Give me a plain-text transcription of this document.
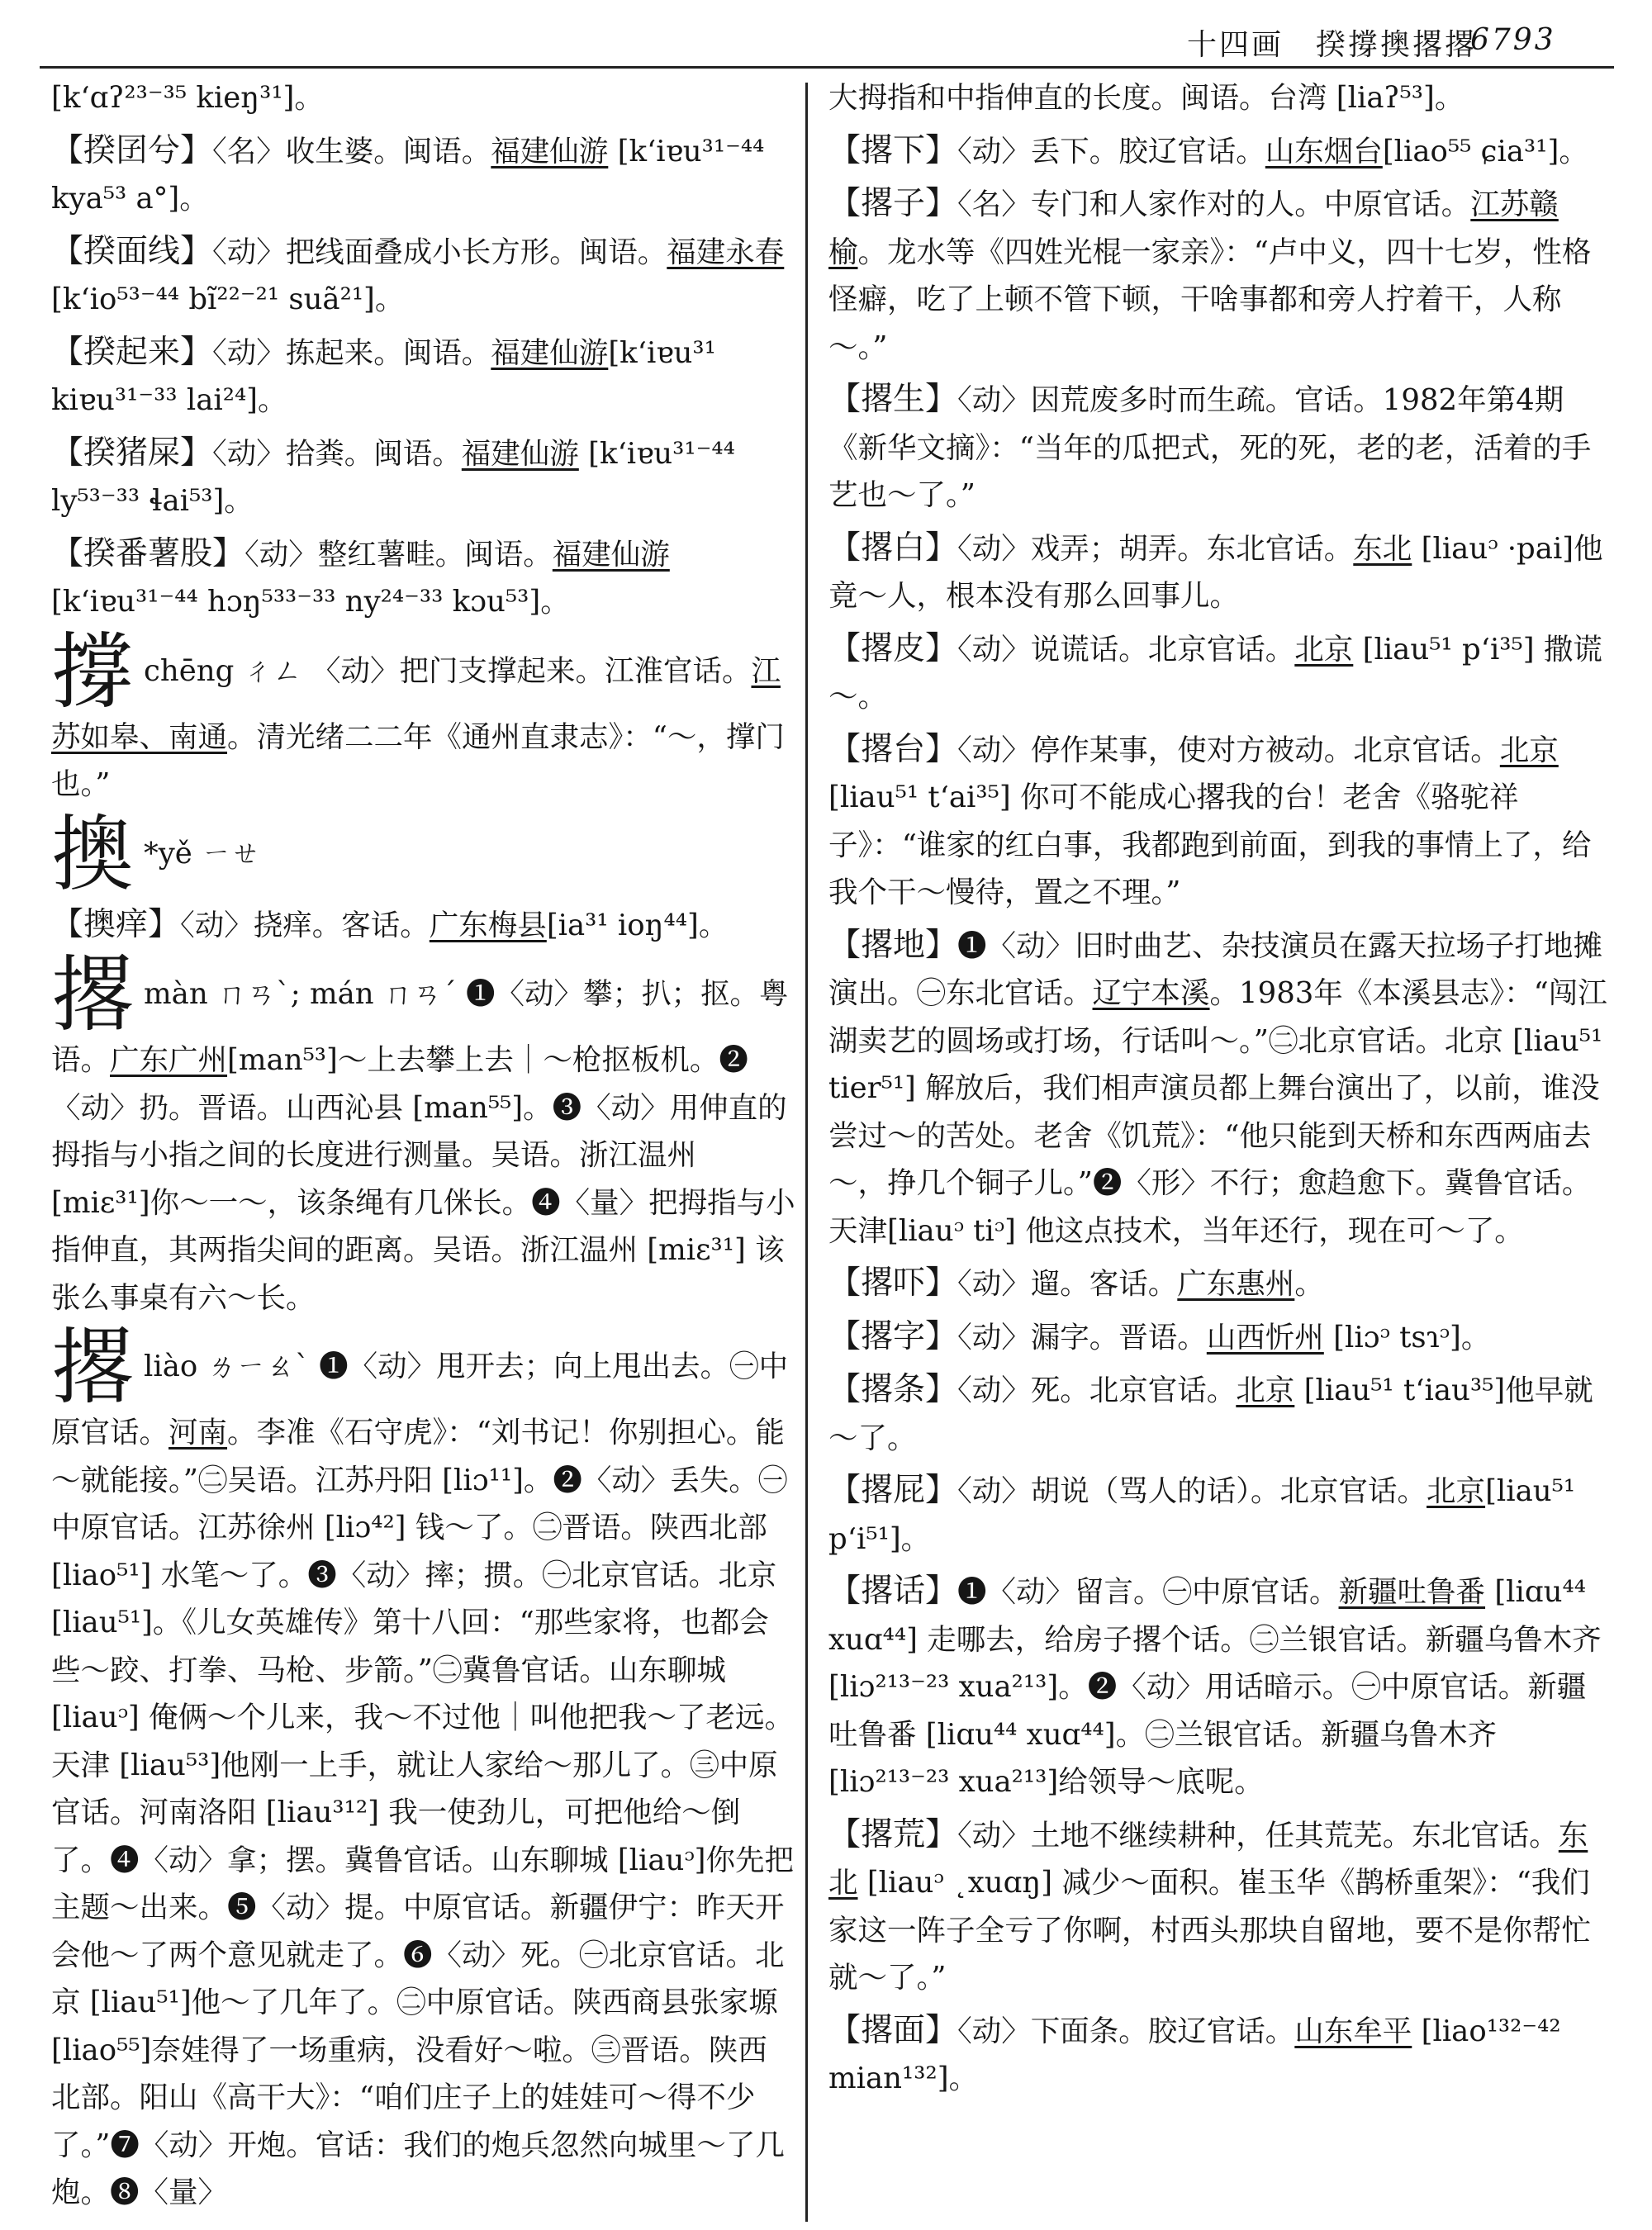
十四画　揆撐擙撂撂
6793

[kʻɑʔ²³⁻³⁵ kieŋ³¹]。

【揆囝兮】〈名〉收生婆。闽语。福建仙游 [kʻiɐu³¹⁻⁴⁴ kya⁵³ a°]。

【揆面线】〈动〉把线面叠成小长方形。闽语。福建永春 [kʻio⁵³⁻⁴⁴ bĩ²²⁻²¹ suã²¹]。

【揆起来】〈动〉拣起来。闽语。福建仙游[kʻiɐu³¹ kiɐu³¹⁻³³ lai²⁴]。

【揆猪屎】〈动〉拾粪。闽语。福建仙游 [kʻiɐu³¹⁻⁴⁴ ly⁵³⁻³³ ɬai⁵³]。

【揆番薯股】〈动〉整红薯畦。闽语。福建仙游 [kʻiɐu³¹⁻⁴⁴ hɔŋ⁵³³⁻³³ ny²⁴⁻³³ kɔu⁵³]。

撐chēng ㄔㄥ 〈动〉把门支撑起来。江淮官话。江苏如皋、南通。清光绪二二年《通州直隶志》：“～，撑门也。”

擙 *yě ㄧㄝ

【擙痒】〈动〉挠痒。客话。广东梅县[ia³¹ ioŋ⁴⁴]。

撂màn ㄇㄢˋ; mán ㄇㄢˊ ❶〈动〉攀；扒；抠。粤语。广东广州[man⁵³]～上去攀上去｜～枪抠板机。❷〈动〉扔。晋语。山西沁县 [man⁵⁵]。❸〈动〉用伸直的拇指与小指之间的长度进行测量。吴语。浙江温州 [miɛ³¹]你～一～，该条绳有几侎长。❹〈量〉把拇指与小指伸直，其两指尖间的距离。吴语。浙江温州 [miɛ³¹] 该张么事桌有六～长。

撂liào ㄌㄧㄠˋ ❶〈动〉甩开去；向上甩出去。㊀中原官话。河南。李准《石守虎》：“刘书记！你别担心。能～就能接。”㊁吴语。江苏丹阳 [liɔ¹¹]。❷〈动〉丢失。㊀中原官话。江苏徐州 [liɔ⁴²] 钱～了。㊁晋语。陕西北部 [liao⁵¹] 水笔～了。❸〈动〉摔；掼。㊀北京官话。北京 [liau⁵¹]。《儿女英雄传》第十八回：“那些家将，也都会些～跤、打拳、马枪、步箭。”㊁冀鲁官话。山东聊城 [liauᵓ] 俺俩～个儿来，我～不过他｜叫他把我～了老远。天津 [liau⁵³]他刚一上手，就让人家给～那儿了。㊂中原官话。河南洛阳 [liau³¹²] 我一使劲儿，可把他给～倒了。❹〈动〉拿；摆。冀鲁官话。山东聊城 [liauᵓ]你先把主题～出来。❺〈动〉提。中原官话。新疆伊宁：昨天开会他～了两个意见就走了。❻〈动〉死。㊀北京官话。北京 [liau⁵¹]他～了几年了。㊁中原官话。陕西商县张家塬[liao⁵⁵]奈娃得了一场重病，没看好～啦。㊂晋语。陕西北部。阳山《高干大》：“咱们庄子上的娃娃可～得不少了。”❼〈动〉开炮。官话：我们的炮兵忽然向城里～了几炮。❽〈量〉

大拇指和中指伸直的长度。闽语。台湾 [liaʔ⁵³]。

【撂下】〈动〉丢下。胶辽官话。山东烟台[liao⁵⁵ ɕia³¹]。

【撂子】〈名〉专门和人家作对的人。中原官话。江苏赣榆。龙水等《四姓光棍一家亲》：“卢中义，四十七岁，性格怪癖，吃了上顿不管下顿，干啥事都和旁人拧着干，人称～。”

【撂生】〈动〉因荒废多时而生疏。官话。1982年第4期《新华文摘》：“当年的瓜把式，死的死，老的老，活着的手艺也～了。”

【撂白】〈动〉戏弄；胡弄。东北官话。东北 [liauᵓ ·pai]他竟～人，根本没有那么回事儿。

【撂皮】〈动〉说谎话。北京官话。北京 [liau⁵¹ pʻi³⁵] 撒谎～。

【撂台】〈动〉停作某事，使对方被动。北京官话。北京 [liau⁵¹ tʻai³⁵] 你可不能成心撂我的台！老舍《骆驼祥子》：“谁家的红白事，我都跑到前面，到我的事情上了，给我个干～慢待，置之不理。”

【撂地】❶〈动〉旧时曲艺、杂技演员在露天拉场子打地摊演出。㊀东北官话。辽宁本溪。1983年《本溪县志》：“闯江湖卖艺的圆场或打场，行话叫～。”㊁北京官话。北京 [liau⁵¹ tier⁵¹] 解放后，我们相声演员都上舞台演出了，以前，谁没尝过～的苦处。老舍《饥荒》：“他只能到天桥和东西两庙去～，挣几个铜子儿。”❷〈形〉不行；愈趋愈下。冀鲁官话。天津[liauᵓ tiᵓ] 他这点技术，当年还行，现在可～了。

【撂吓】〈动〉遛。客话。广东惠州。

【撂字】〈动〉漏字。晋语。山西忻州 [liɔᵓ tsɿᵓ]。

【撂条】〈动〉死。北京官话。北京 [liau⁵¹ tʻiau³⁵]他早就～了。

【撂屁】〈动〉胡说（骂人的话）。北京官话。北京[liau⁵¹ pʻi⁵¹]。

【撂话】❶〈动〉留言。㊀中原官话。新疆吐鲁番 [liɑu⁴⁴ xuɑ⁴⁴] 走哪去，给房子撂个话。㊁兰银官话。新疆乌鲁木齐 [liɔ²¹³⁻²³ xua²¹³]。❷〈动〉用话暗示。㊀中原官话。新疆吐鲁番 [liɑu⁴⁴ xuɑ⁴⁴]。㊁兰银官话。新疆乌鲁木齐 [liɔ²¹³⁻²³ xua²¹³]给领导～底呢。

【撂荒】〈动〉土地不继续耕种，任其荒芜。东北官话。东北 [liauᵓ ˛xuɑŋ] 减少～面积。崔玉华《鹊桥重架》：“我们家这一阵子全亏了你啊，村西头那块自留地，要不是你帮忙就～了。”

【撂面】〈动〉下面条。胶辽官话。山东牟平 [liao¹³²⁻⁴² mian¹³²]。
